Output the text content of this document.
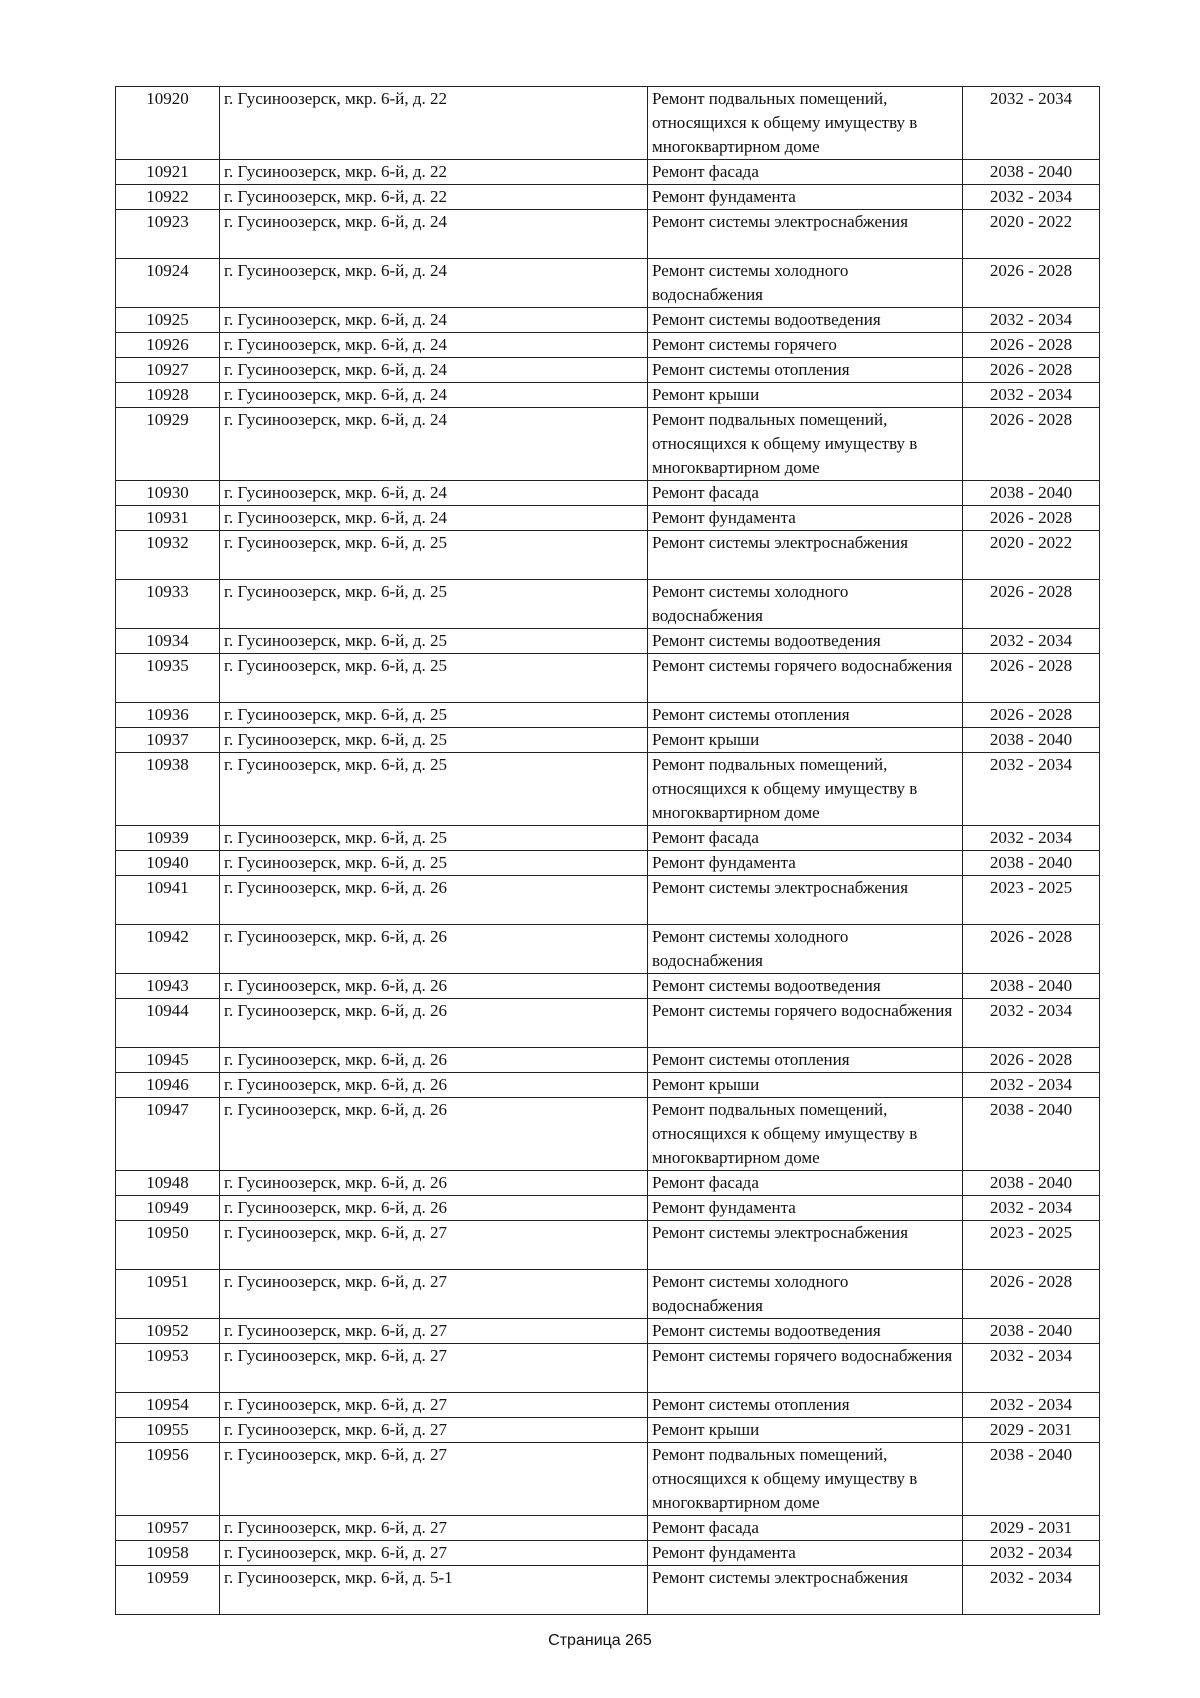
10920	г. Гусиноозерск, мкр. 6-й, д. 22	Ремонт подвальных помещений, относящихся к общему имуществу в многоквартирном доме	2032 - 2034
10921	г. Гусиноозерск, мкр. 6-й, д. 22	Ремонт фасада	2038 - 2040
10922	г. Гусиноозерск, мкр. 6-й, д. 22	Ремонт фундамента	2032 - 2034
10923	г. Гусиноозерск, мкр. 6-й, д. 24	Ремонт системы электроснабжения	2020 - 2022
10924	г. Гусиноозерск, мкр. 6-й, д. 24	Ремонт системы холодного водоснабжения	2026 - 2028
10925	г. Гусиноозерск, мкр. 6-й, д. 24	Ремонт системы водоотведения	2032 - 2034
10926	г. Гусиноозерск, мкр. 6-й, д. 24	Ремонт системы горячего	2026 - 2028
10927	г. Гусиноозерск, мкр. 6-й, д. 24	Ремонт системы отопления	2026 - 2028
10928	г. Гусиноозерск, мкр. 6-й, д. 24	Ремонт крыши	2032 - 2034
10929	г. Гусиноозерск, мкр. 6-й, д. 24	Ремонт подвальных помещений, относящихся к общему имуществу в многоквартирном доме	2026 - 2028
10930	г. Гусиноозерск, мкр. 6-й, д. 24	Ремонт фасада	2038 - 2040
10931	г. Гусиноозерск, мкр. 6-й, д. 24	Ремонт фундамента	2026 - 2028
10932	г. Гусиноозерск, мкр. 6-й, д. 25	Ремонт системы электроснабжения	2020 - 2022
10933	г. Гусиноозерск, мкр. 6-й, д. 25	Ремонт системы холодного водоснабжения	2026 - 2028
10934	г. Гусиноозерск, мкр. 6-й, д. 25	Ремонт системы водоотведения	2032 - 2034
10935	г. Гусиноозерск, мкр. 6-й, д. 25	Ремонт системы горячего водоснабжения	2026 - 2028
10936	г. Гусиноозерск, мкр. 6-й, д. 25	Ремонт системы отопления	2026 - 2028
10937	г. Гусиноозерск, мкр. 6-й, д. 25	Ремонт крыши	2038 - 2040
10938	г. Гусиноозерск, мкр. 6-й, д. 25	Ремонт подвальных помещений, относящихся к общему имуществу в многоквартирном доме	2032 - 2034
10939	г. Гусиноозерск, мкр. 6-й, д. 25	Ремонт фасада	2032 - 2034
10940	г. Гусиноозерск, мкр. 6-й, д. 25	Ремонт фундамента	2038 - 2040
10941	г. Гусиноозерск, мкр. 6-й, д. 26	Ремонт системы электроснабжения	2023 - 2025
10942	г. Гусиноозерск, мкр. 6-й, д. 26	Ремонт системы холодного водоснабжения	2026 - 2028
10943	г. Гусиноозерск, мкр. 6-й, д. 26	Ремонт системы водоотведения	2038 - 2040
10944	г. Гусиноозерск, мкр. 6-й, д. 26	Ремонт системы горячего водоснабжения	2032 - 2034
10945	г. Гусиноозерск, мкр. 6-й, д. 26	Ремонт системы отопления	2026 - 2028
10946	г. Гусиноозерск, мкр. 6-й, д. 26	Ремонт крыши	2032 - 2034
10947	г. Гусиноозерск, мкр. 6-й, д. 26	Ремонт подвальных помещений, относящихся к общему имуществу в многоквартирном доме	2038 - 2040
10948	г. Гусиноозерск, мкр. 6-й, д. 26	Ремонт фасада	2038 - 2040
10949	г. Гусиноозерск, мкр. 6-й, д. 26	Ремонт фундамента	2032 - 2034
10950	г. Гусиноозерск, мкр. 6-й, д. 27	Ремонт системы электроснабжения	2023 - 2025
10951	г. Гусиноозерск, мкр. 6-й, д. 27	Ремонт системы холодного водоснабжения	2026 - 2028
10952	г. Гусиноозерск, мкр. 6-й, д. 27	Ремонт системы водоотведения	2038 - 2040
10953	г. Гусиноозерск, мкр. 6-й, д. 27	Ремонт системы горячего водоснабжения	2032 - 2034
10954	г. Гусиноозерск, мкр. 6-й, д. 27	Ремонт системы отопления	2032 - 2034
10955	г. Гусиноозерск, мкр. 6-й, д. 27	Ремонт крыши	2029 - 2031
10956	г. Гусиноозерск, мкр. 6-й, д. 27	Ремонт подвальных помещений, относящихся к общему имуществу в многоквартирном доме	2038 - 2040
10957	г. Гусиноозерск, мкр. 6-й, д. 27	Ремонт фасада	2029 - 2031
10958	г. Гусиноозерск, мкр. 6-й, д. 27	Ремонт фундамента	2032 - 2034
10959	г. Гусиноозерск, мкр. 6-й, д. 5-1	Ремонт системы электроснабжения	2032 - 2034
Страница 265
